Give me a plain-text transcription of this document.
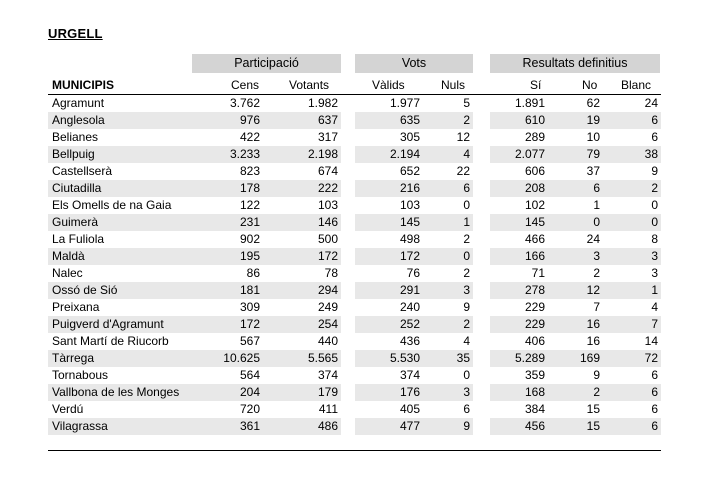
URGELL
Participació	Vots	Resultats definitius
MUNICIPIS	Cens Votants	Vàlids	Nuls	Sí	No Blanc
Agramunt	3.762	1.982		1.977	5		1.891	62	24
Anglesola	976	637		635	2		610	19	6
Belianes	422	317		305	12		289	10	6
Bellpuig	3.233	2.198		2.194	4		2.077	79	38
Castellserà	823	674		652	22		606	37	9
Ciutadilla	178	222		216	6		208	6	2
Els Omells de na Gaia	122	103		103	0		102	1	0
Guimerà	231	146		145	1		145	0	0
La Fuliola	902	500		498	2		466	24	8
Maldà	195	172		172	0		166	3	3
Nalec	86	78		76	2		71	2	3
Ossó de Sió	181	294		291	3		278	12	1
Preixana	309	249		240	9		229	7	4
Puigverd d'Agramunt	172	254		252	2		229	16	7
Sant Martí de Riucorb	567	440		436	4		406	16	14
Tàrrega	10.625	5.565		5.530	35		5.289	169	72
Tornabous	564	374		374	0		359	9	6
Vallbona de les Monges	204	179		176	3		168	2	6
Verdú	720	411		405	6		384	15	6
Vilagrassa	361	486		477	9		456	15	6
